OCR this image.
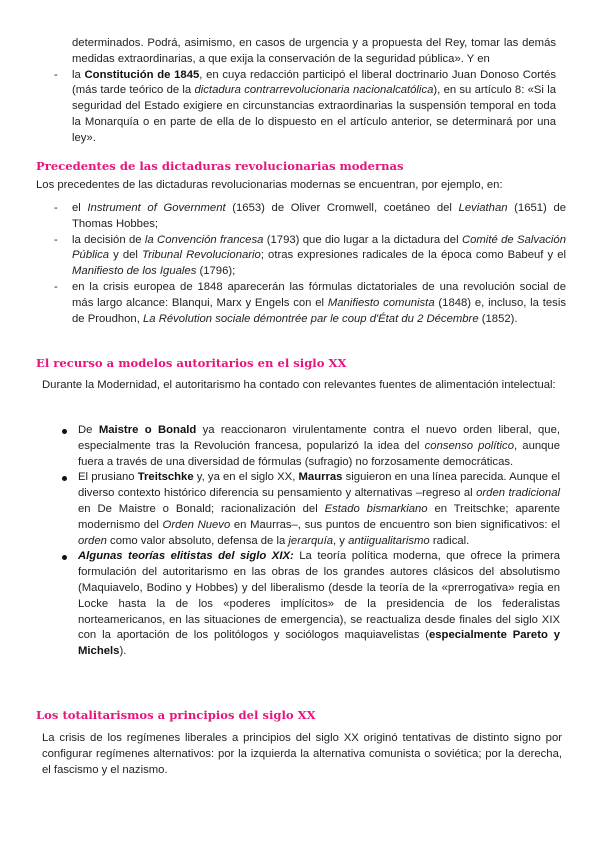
determinados. Podrá, asimismo, en casos de urgencia y a propuesta del Rey, tomar las demás medidas extraordinarias, a que exija la conservación de la seguridad pública». Y en

- la Constitución de 1845, en cuya redacción participó el liberal doctrinario Juan Donoso Cortés (más tarde teórico de la dictadura contrarrevolucionaria nacionalcatólica), en su artículo 8: «Si la seguridad del Estado exigiere en circunstancias extraordinarias la suspensión temporal en toda la Monarquía o en parte de ella de lo dispuesto en el artículo anterior, se determinará por una ley».
Precedentes de las dictaduras revolucionarias modernas

Los precedentes de las dictaduras revolucionarias modernas se encuentran, por ejemplo, en:

- el Instrument of Government (1653) de Oliver Cromwell, coetáneo del Leviathan (1651) de Thomas Hobbes;
- la decisión de la Convención francesa (1793) que dio lugar a la dictadura del Comité de Salvación Pública y del Tribunal Revolucionario; otras expresiones radicales de la época como Babeuf y el Manifiesto de los Iguales (1796);
- en la crisis europea de 1848 aparecerán las fórmulas dictatoriales de una revolución social de más largo alcance: Blanqui, Marx y Engels con el Manifiesto comunista (1848) e, incluso, la tesis de Proudhon, La Révolution sociale démontrée par le coup d'État du 2 Décembre (1852).
El recurso a modelos autoritarios en el siglo XX

Durante la Modernidad, el autoritarismo ha contado con relevantes fuentes de alimentación intelectual:

De Maistre o Bonald ya reaccionaron virulentamente contra el nuevo orden liberal, que, especialmente tras la Revolución francesa, popularizó la idea del consenso político, aunque fuera a través de una diversidad de fórmulas (sufragio) no forzosamente democráticas.
El prusiano Treitschke y, ya en el siglo XX, Maurras siguieron en una línea parecida. Aunque el diverso contexto histórico diferencia su pensamiento y alternativas –regreso al orden tradicional en De Maistre o Bonald; racionalización del Estado bismarkiano en Treitschke; aparente modernismo del Orden Nuevo en Maurras–, sus puntos de encuentro son bien significativos: el orden como valor absoluto, defensa de la jerarquía, y antiigualitarismo radical.
Algunas teorías elitistas del siglo XIX: La teoría política moderna, que ofrece la primera formulación del autoritarismo en las obras de los grandes autores clásicos del absolutismo (Maquiavelo, Bodino y Hobbes) y del liberalismo (desde la teoría de la «prerrogativa» regia en Locke hasta la de los «poderes implícitos» de la presidencia de los federalistas norteamericanos, en las situaciones de emergencia), se reactualiza desde finales del siglo XIX con la aportación de los politólogos y sociólogos maquiavelistas (especialmente Pareto y Michels).
Los totalitarismos a principios del siglo XX

La crisis de los regímenes liberales a principios del siglo XX originó tentativas de distinto signo por configurar regímenes alternativos: por la izquierda la alternativa comunista o soviética; por la derecha, el fascismo y el nazismo.
